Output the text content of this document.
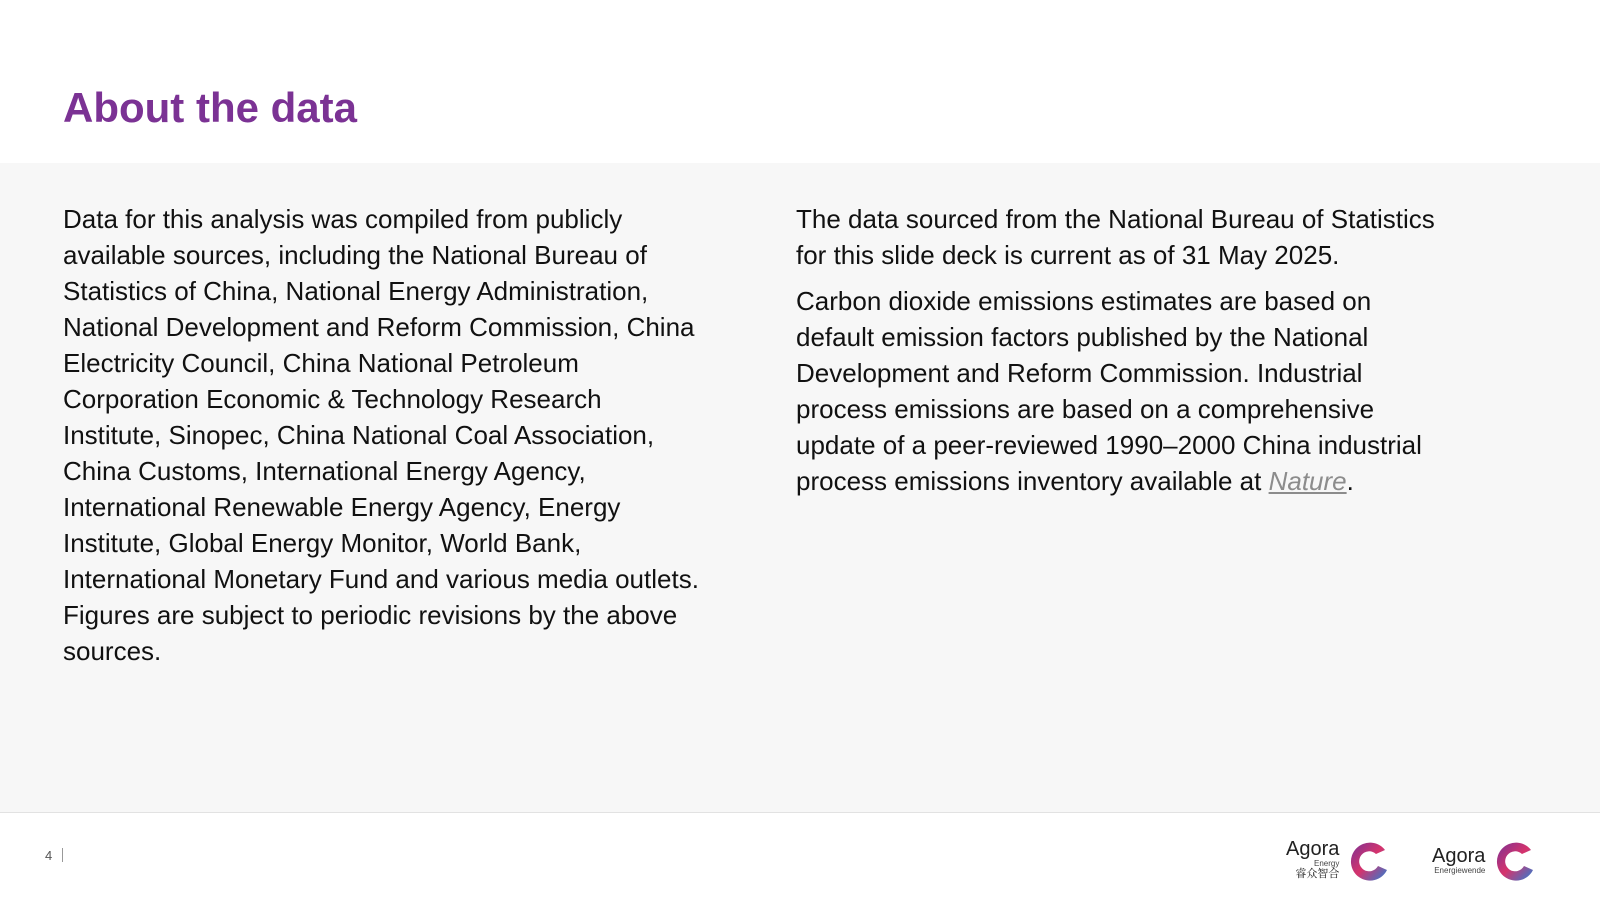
About the data

Data for this analysis was compiled from publicly available sources, including the National Bureau of Statistics of China, National Energy Administration, National Development and Reform Commission, China Electricity Council, China National Petroleum Corporation Economic & Technology Research Institute, Sinopec, China National Coal Association, China Customs, International Energy Agency, International Renewable Energy Agency, Energy Institute, Global Energy Monitor, World Bank, International Monetary Fund and various media outlets. Figures are subject to periodic revisions by the above sources.

The data sourced from the National Bureau of Statistics for this slide deck is current as of 31 May 2025.

Carbon dioxide emissions estimates are based on default emission factors published by the National Development and Reform Commission. Industrial process emissions are based on a comprehensive update of a peer-reviewed 1990–2000 China industrial process emissions inventory available at Nature.

4	Agora
Energy
睿众智合
Agora
Energiewende
